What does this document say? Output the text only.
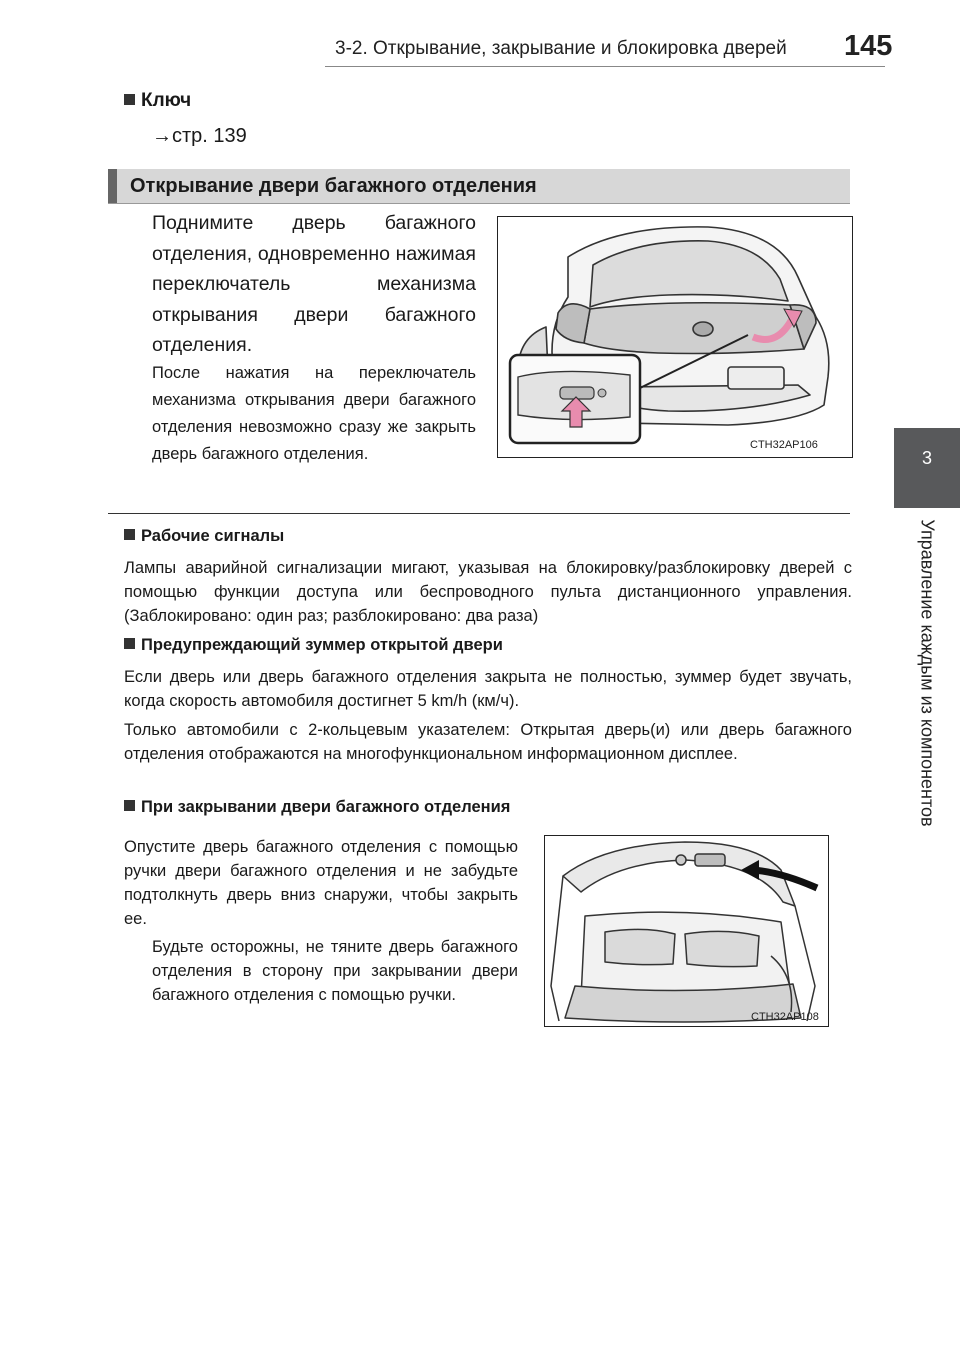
3-2. Открывание, закрывание и блокировка дверей 145
3
Управление каждым из компонентов
Ключ
→стр. 139
Открывание двери багажного отделения
Поднимите дверь багажного отделения, одновременно нажимая переключатель механизма открывания двери багажного отделения.
После нажатия на переключатель механизма открывания двери багажного отделения невозможно сразу же закрыть дверь багажного отделения.	CTH32AP106
Рабочие сигналы
Лампы аварийной сигнализации мигают, указывая на блокировку/разблокировку дверей с помощью функции доступа или беспроводного пульта дистанционного управления. (Заблокировано: один раз; разблокировано: два раза)
Предупреждающий зуммер открытой двери
Если дверь или дверь багажного отделения закрыта не полностью, зуммер будет звучать, когда скорость автомобиля достигнет 5 km/h (км/ч).
Только автомобили с 2-кольцевым указателем: Открытая дверь(и) или дверь багажного отделения отображаются на многофункциональном информационном дисплее.
При закрывании двери багажного отделения
Опустите дверь багажного отделения с помощью ручки двери багажного отделения и не забудьте подтолкнуть дверь вниз снаружи, чтобы закрыть ее.
Будьте осторожны, не тяните дверь багажного отделения в сторону при закрывании двери багажного отделения с помощью ручки.
CTH32AP108
